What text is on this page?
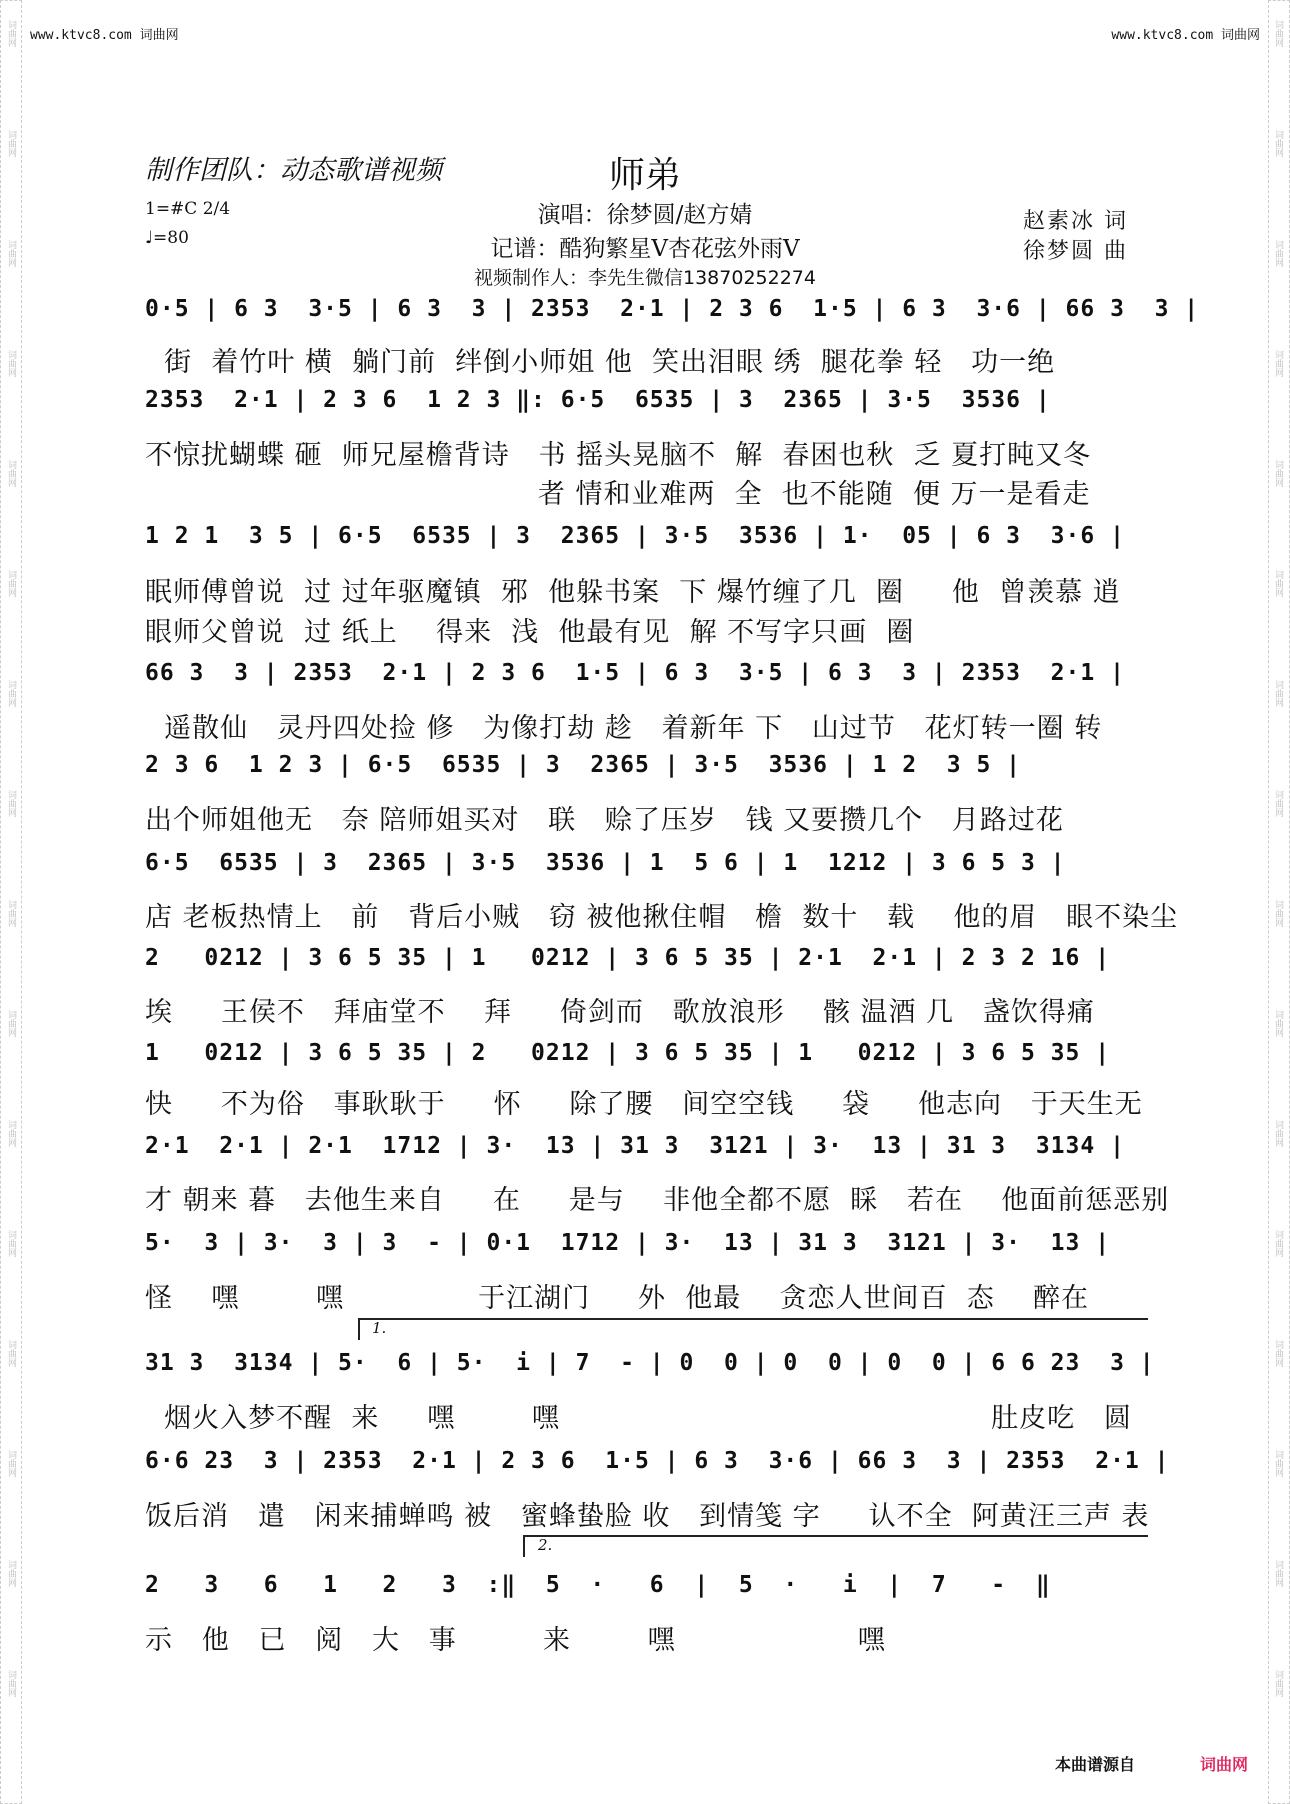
www.ktvc8.com 词曲网	www.ktvc8.com 词曲网
制作团队：动态歌谱视频	师弟
1=#C 2/4
♩=80
演唱：徐梦圆/赵方婧
记谱：酷狗繁星V杏花弦外雨V
视频制作人：李先生微信13870252274
赵素冰 词
徐梦圆 曲
0·5 | 6 3  3·5 | 6 3  3 | 2353  2·1 | 2 3 6  1·5 | 6 3  3·6 | 66 3  3 |
街  着竹叶 横  躺门前  绊倒小师姐 他  笑出泪眼 绣  腿花拳 轻   功一绝
2353  2·1 | 2 3 6  1 2 3 ‖: 6·5  6535 | 3  2365 | 3·5  3536 |
不惊扰蝴蝶 砸  师兄屋檐背诗   书 摇头晃脑不  解  春困也秋  乏 夏打盹又冬
者 情和业难两  全  也不能随  便 万一是看走
1 2 1  3 5 | 6·5  6535 | 3  2365 | 3·5  3536 | 1·  05 | 6 3  3·6 |
眠师傅曾说  过 过年驱魔镇  邪  他躲书案  下 爆竹缠了几  圈     他  曾羡慕 逍
眼师父曾说  过 纸上    得来  浅  他最有见  解 不写字只画  圈
66 3  3 | 2353  2·1 | 2 3 6  1·5 | 6 3  3·5 | 6 3  3 | 2353  2·1 |
遥散仙   灵丹四处捡 修   为像打劫 趁   着新年 下   山过节   花灯转一圈 转
2 3 6  1 2 3 | 6·5  6535 | 3  2365 | 3·5  3536 | 1 2  3 5 |
出个师姐他无   奈 陪师姐买对   联   赊了压岁   钱 又要攒几个   月路过花
6·5  6535 | 3  2365 | 3·5  3536 | 1  5 6 | 1  1212 | 3 6 5 3 |
店 老板热情上   前   背后小贼   窃 被他揪住帽   檐  数十   载    他的眉   眼不染尘
2   0212 | 3 6 5 35 | 1   0212 | 3 6 5 35 | 2·1  2·1 | 2 3 2 16 |
埃     王侯不   拜庙堂不    拜     倚剑而   歌放浪形    骸 温酒 几   盏饮得痛
1   0212 | 3 6 5 35 | 2   0212 | 3 6 5 35 | 1   0212 | 3 6 5 35 |
快     不为俗   事耿耿于     怀     除了腰   间空空钱     袋     他志向   于天生无
2·1  2·1 | 2·1  1712 | 3·  13 | 31 3  3121 | 3·  13 | 31 3  3134 |
才 朝来 暮   去他生来自     在     是与    非他全都不愿  睬   若在    他面前惩恶别
5·  3 | 3·  3 | 3  - | 0·1  1712 | 3·  13 | 31 3  3121 | 3·  13 |
怪    嘿        嘿              于江湖门     外  他最    贪恋人世间百  态    醉在
1.
31 3  3134 | 5·  6 | 5·  i | 7  - | 0  0 | 0  0 | 0  0 | 6 6 23  3 |
烟火入梦不醒  来     嘿        嘿                                             肚皮吃   圆
6·6 23  3 | 2353  2·1 | 2 3 6  1·5 | 6 3  3·6 | 66 3  3 | 2353  2·1 |
饭后消   遣   闲来捕蝉鸣 被   蜜蜂蛰脸 收   到情笺 字     认不全  阿黄汪三声 表
2.
2   3   6   1   2   3  :‖  5  ·   6  |  5  ·   i  |  7   -  ‖
示   他   已   阅   大   事         来        嘿                   嘿
本曲谱源自	词曲网
词曲网	词曲网
词曲网	词曲网
词曲网	词曲网
词曲网	词曲网
词曲网	词曲网
词曲网	词曲网
词曲网	词曲网
词曲网	词曲网
词曲网	词曲网
词曲网	词曲网
词曲网	词曲网
词曲网	词曲网
词曲网	词曲网
词曲网	词曲网
词曲网	词曲网
词曲网	词曲网
